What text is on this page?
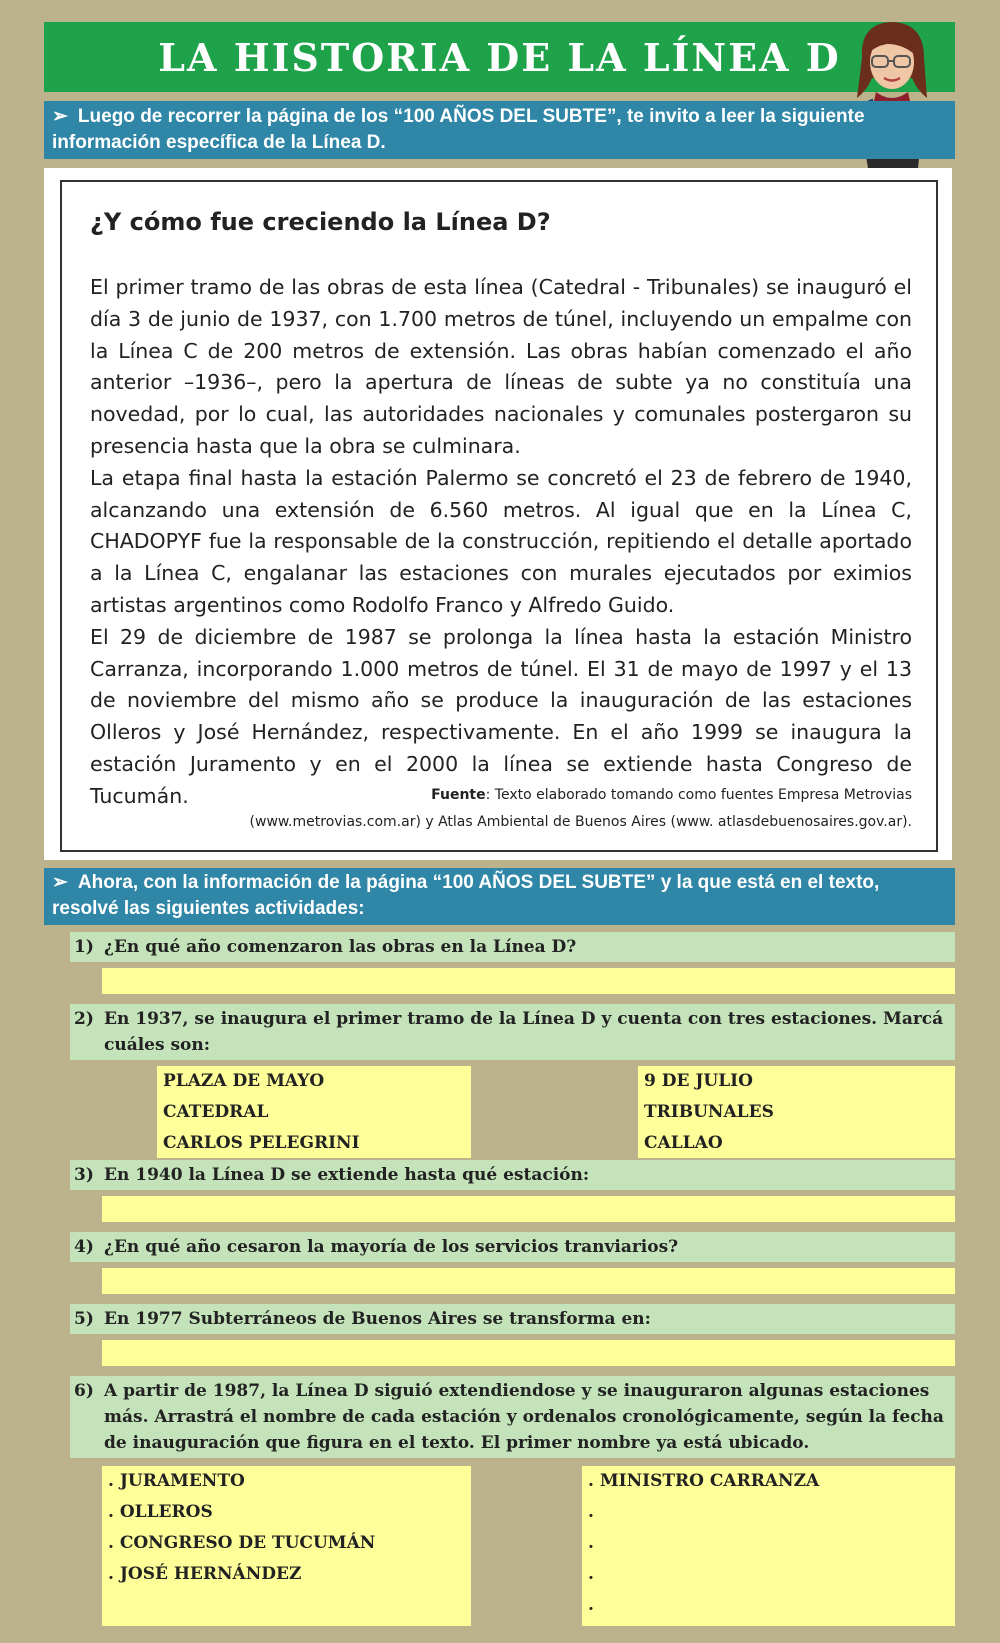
LA HISTORIA DE LA LÍNEA D
➢ Luego de recorrer la página de los “100 AÑOS DEL SUBTE”, te invito a leer la siguiente información específica de la Línea D.
¿Y cómo fue creciendo la Línea D?

El primer tramo de las obras de esta línea (Catedral - Tribunales) se inauguró el día 3 de junio de 1937, con 1.700 metros de túnel, incluyendo un empalme con la Línea C de 200 metros de extensión. Las obras habían comenzado el año anterior –1936–, pero la apertura de líneas de subte ya no constituía una novedad, por lo cual, las autoridades nacionales y comunales postergaron su presencia hasta que la obra se culminara.

La etapa final hasta la estación Palermo se concretó el 23 de febrero de 1940, alcanzando una extensión de 6.560 metros. Al igual que en la Línea C, CHADOPYF fue la responsable de la construcción, repitiendo el detalle aportado a la Línea C, engalanar las estaciones con murales ejecutados por eximios artistas argentinos como Rodolfo Franco y Alfredo Guido.

El 29 de diciembre de 1987 se prolonga la línea hasta la estación Ministro Carranza, incorporando 1.000 metros de túnel. El 31 de mayo de 1997 y el 13 de noviembre del mismo año se produce la inauguración de las estaciones Olleros y José Hernández, respectivamente. En el año 1999 se inaugura la estación Juramento y en el 2000 la línea se extiende hasta Congreso de Tucumán.	Fuente: Texto elaborado tomando como fuentes Empresa Metrovias
(www.metrovias.com.ar) y Atlas Ambiental de Buenos Aires (www. atlasdebuenosaires.gov.ar).
➢ Ahora, con la información de la página “100 AÑOS DEL SUBTE” y la que está en el texto, resolvé las siguientes actividades:
1) ¿En qué año comenzaron las obras en la Línea D?
2) En 1937, se inaugura el primer tramo de la Línea D y cuenta con tres estaciones. Marcá cuáles son:
PLAZA DE MAYO
CATEDRAL
CARLOS PELEGRINI
9 DE JULIO
TRIBUNALES
CALLAO
3) En 1940 la Línea D se extiende hasta qué estación:
4) ¿En qué año cesaron la mayoría de los servicios tranviarios?
5) En 1977 Subterráneos de Buenos Aires se transforma en:
6) A partir de 1987, la Línea D siguió extendiendose y se inauguraron algunas estaciones más. Arrastrá el nombre de cada estación y ordenalos cronológicamente, según la fecha de inauguración que figura en el texto. El primer nombre ya está ubicado.
. JURAMENTO
. OLLEROS
. CONGRESO DE TUCUMÁN
. JOSÉ HERNÁNDEZ
. MINISTRO CARRANZA
.
.
.
.
